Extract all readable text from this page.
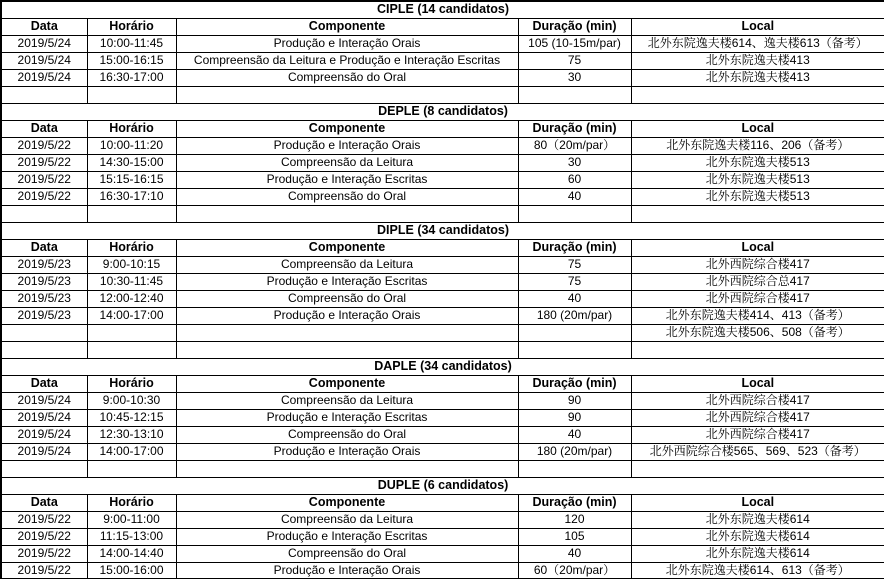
CIPLE (14 candidatos)				
Data	Horário	Componente	Duração (min)	Local
2019/5/24	10:00-11:45	Produção e Interação Orais	105 (10-15m/par)	北外东院逸夫楼614、逸夫楼613（备考）
2019/5/24	15:00-16:15	Compreensão da Leitura e Produção e Interação Escritas	75	北外东院逸夫楼413
2019/5/24	16:30-17:00	Compreensão do Oral	30	北外东院逸夫楼413

DEPLE (8 candidatos)				
Data	Horário	Componente	Duração (min)	Local
2019/5/22	10:00-11:20	Produção e Interação Orais	80（20m/par）	北外东院逸夫楼116、206（备考）
2019/5/22	14:30-15:00	Compreensão da Leitura	30	北外东院逸夫楼513
2019/5/22	15:15-16:15	Produção e Interação Escritas	60	北外东院逸夫楼513
2019/5/22	16:30-17:10	Compreensão do Oral	40	北外东院逸夫楼513

DIPLE (34 candidatos)				
Data	Horário	Componente	Duração (min)	Local
2019/5/23	9:00-10:15	Compreensão da Leitura	75	北外西院综合楼417
2019/5/23	10:30-11:45	Produção e Interação Escritas	75	北外西院综合总417
2019/5/23	12:00-12:40	Compreensão do Oral	40	北外西院综合楼417
2019/5/23	14:00-17:00	Produção e Interação Orais	180 (20m/par)	北外东院逸夫楼414、413（备考）
				北外东院逸夫楼506、508（备考）

DAPLE (34 candidatos)				
Data	Horário	Componente	Duração (min)	Local
2019/5/24	9:00-10:30	Compreensão da Leitura	90	北外西院综合楼417
2019/5/24	10:45-12:15	Produção e Interação Escritas	90	北外西院综合楼417
2019/5/24	12:30-13:10	Compreensão do Oral	40	北外西院综合楼417
2019/5/24	14:00-17:00	Produção e Interação Orais	180 (20m/par)	北外西院综合楼565、569、523（备考）

DUPLE (6 candidatos)				
Data	Horário	Componente	Duração (min)	Local
2019/5/22	9:00-11:00	Compreensão da Leitura	120	北外东院逸夫楼614
2019/5/22	11:15-13:00	Produção e Interação Escritas	105	北外东院逸夫楼614
2019/5/22	14:00-14:40	Compreensão do Oral	40	北外东院逸夫楼614
2019/5/22	15:00-16:00	Produção e Interação Orais	60（20m/par）	北外东院逸夫楼614、613（备考）
